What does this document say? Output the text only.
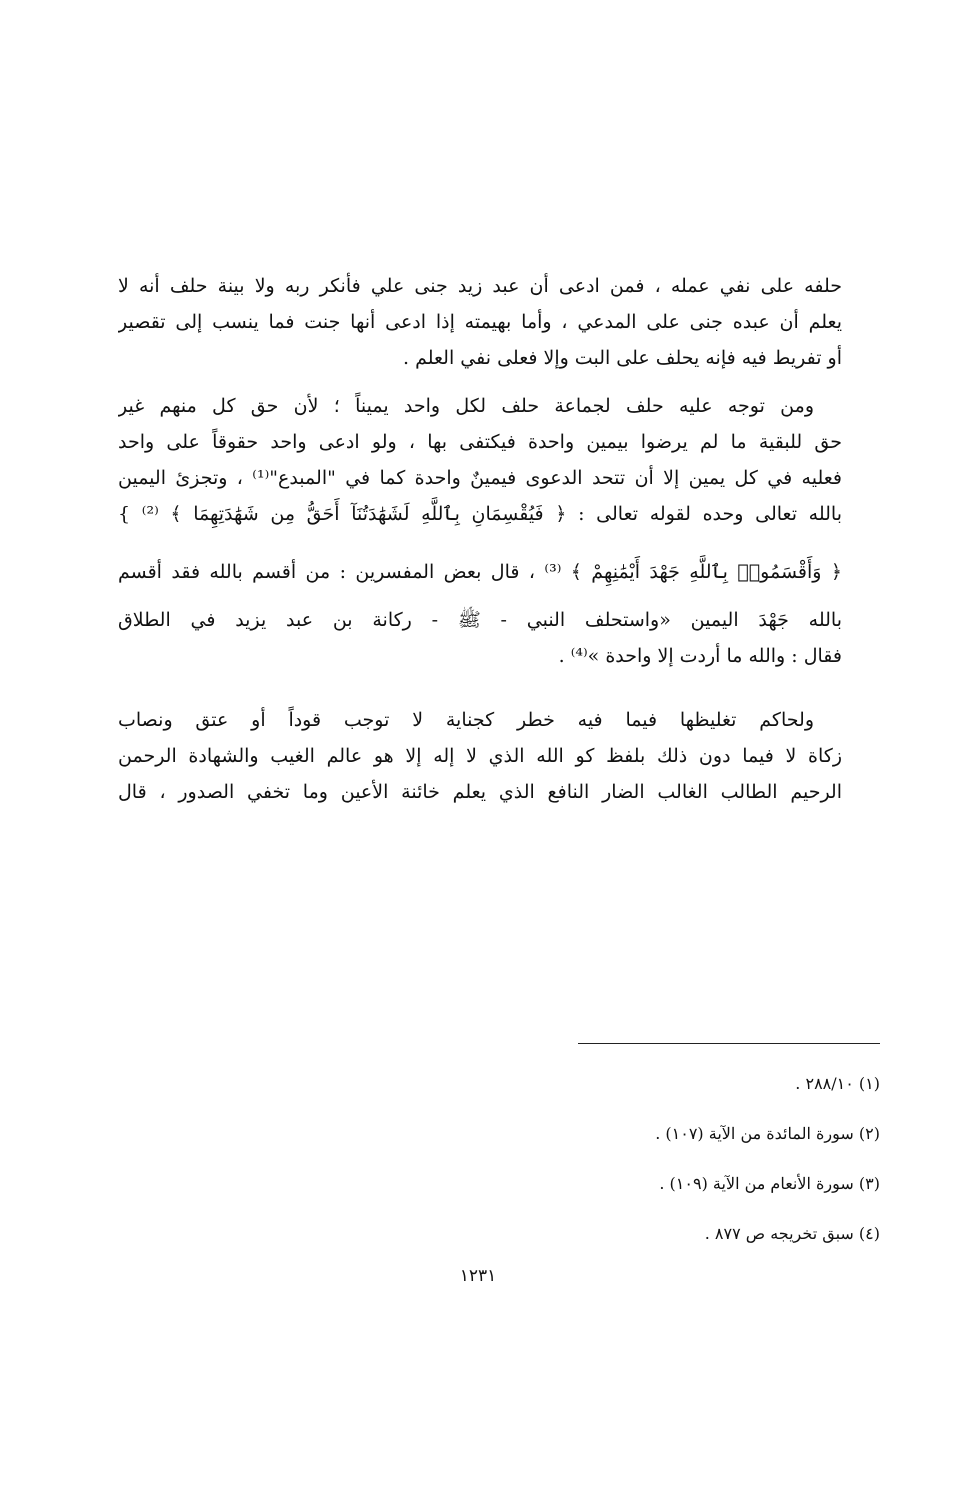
حلفه على نفي عمله ، فمن ادعى أن عبد زيد جنى علي فأنكر ربه ولا بينة حلف أنه لا
يعلم أن عبده جنى على المدعي ، وأما بهيمته إذا ادعى أنها جنت فما ينسب إلى تقصير
أو تفريط فيه فإنه يحلف على البت وإلا فعلى نفي العلم .
ومن توجه عليه حلف لجماعة حلف لكل واحد يميناً ؛ لأن حق كل منهم غير
حق للبقية ما لم يرضوا بيمين واحدة فيكتفى بها ، ولو ادعى واحد حقوقاً على واحد
فعليه في كل يمين إلا أن تتحد الدعوى فيمينٌ واحدة كما في "المبدع"⁽¹⁾ ، وتجزئ اليمين
بالله تعالى وحده لقوله تعالى : ﴿ فَيُقْسِمَانِ بِٱللَّهِ لَشَهَٰدَتُنَآ أَحَقُّ مِن شَهَٰدَتِهِمَا ﴾ ⁽²⁾ }
﴿ وَأَقْسَمُوا۟ بِٱللَّهِ جَهْدَ أَيْمَٰنِهِمْ ﴾ ⁽³⁾ ، قال بعض المفسرين : من أقسم بالله فقد أقسم
بالله جَهْدَ اليمين «واستحلف النبي - ﷺ - ركانة بن عبد يزيد في الطلاق
فقال : والله ما أردت إلا واحدة »⁽⁴⁾ .
ولحاكم تغليظها فيما فيه خطر كجناية لا توجب قوداً أو عتق ونصاب
زكاة لا فيما دون ذلك بلفظ كو الله الذي لا إله إلا هو عالم الغيب والشهادة الرحمن
الرحيم الطالب الغالب الضار النافع الذي يعلم خائنة الأعين وما تخفي الصدور ، قال
(١) ٢٨٨/١٠ .
(٢) سورة المائدة من الآية (١٠٧) .
(٣) سورة الأنعام من الآية (١٠٩) .
(٤) سبق تخريجه ص ٨٧٧ .
١٢٣١
